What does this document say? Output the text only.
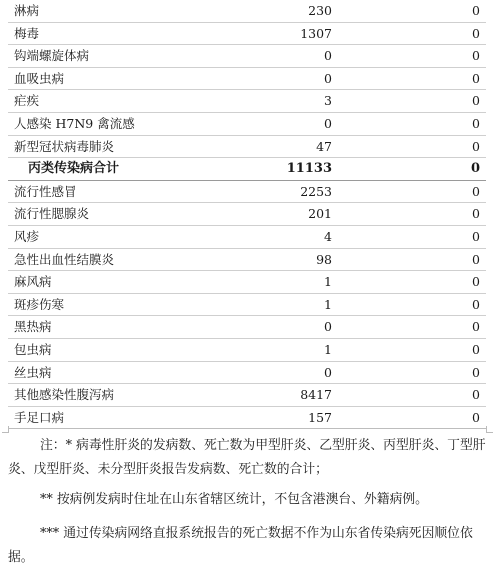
淋病	230	0
梅毒	1307	0
钩端螺旋体病	0	0
血吸虫病	0	0
疟疾	3	0
人感染 H7N9 禽流感	0	0
新型冠状病毒肺炎	47	0
丙类传染病合计	11133	0
流行性感冒	2253	0
流行性腮腺炎	201	0
风疹	4	0
急性出血性结膜炎	98	0
麻风病	1	0
斑疹伤寒	1	0
黑热病	0	0
包虫病	1	0
丝虫病	0	0
其他感染性腹泻病	8417	0
手足口病	157	0

注：* 病毒性肝炎的发病数、死亡数为甲型肝炎、乙型肝炎、丙型肝炎、丁型肝炎、戊型肝炎、未分型肝炎报告发病数、死亡数的合计；

** 按病例发病时住址在山东省辖区统计，不包含港澳台、外籍病例。

*** 通过传染病网络直报系统报告的死亡数据不作为山东省传染病死因顺位依据。
